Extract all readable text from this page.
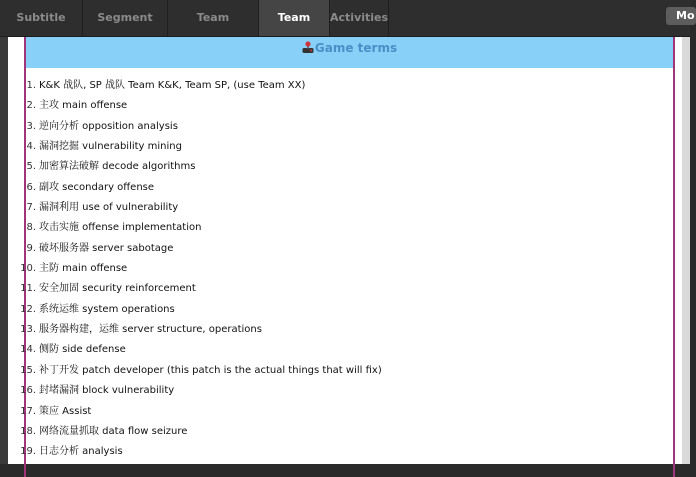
Subtitle	Segment	Team	Team	Activities	Mo
Game terms
1. K&K 战队, SP 战队 Team K&K, Team SP, (use Team XX)
2. 主攻 main offense
3. 逆向分析 opposition analysis
4. 漏洞挖掘 vulnerability mining
5. 加密算法破解 decode algorithms
6. 副攻 secondary offense
7. 漏洞利用 use of vulnerability
8. 攻击实施 offense implementation
9. 破坏服务器 server sabotage
10. 主防 main offense
11. 安全加固 security reinforcement
12. 系统运维 system operations
13. 服务器构建，运维 server structure, operations
14. 侧防 side defense
15. 补丁开发 patch developer (this patch is the actual things that will fix)
16. 封堵漏洞 block vulnerability
17. 策应 Assist
18. 网络流量抓取 data flow seizure
19. 日志分析 analysis
